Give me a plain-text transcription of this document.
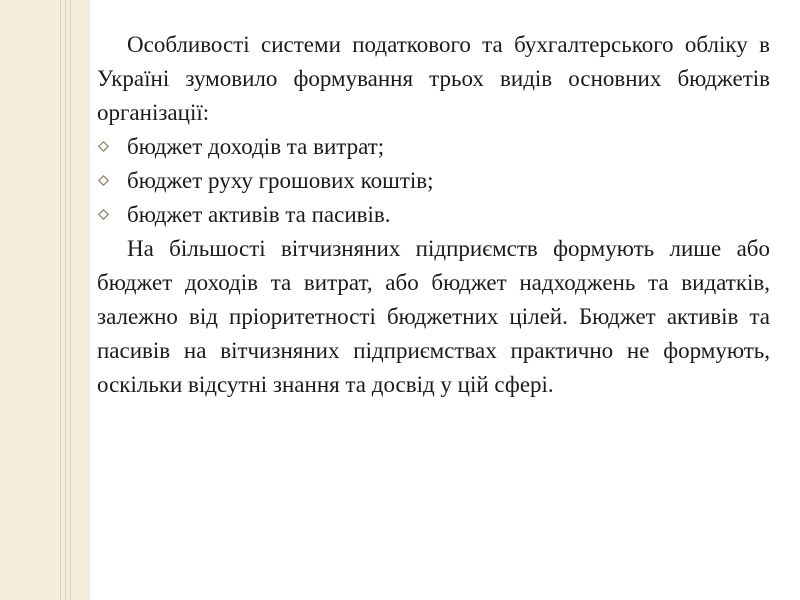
Особливості системи податкового та бухгалтерського обліку в Україні зумовило формування трьох видів основних бюджетів організації:

бюджет доходів та витрат;
бюджет руху грошових коштів;
бюджет активів та пасивів.

На більшості вітчизняних підприємств формують лише або бюджет доходів та витрат, або бюджет надходжень та видатків, залежно від пріоритетності бюджетних цілей. Бюджет активів та пасивів на вітчизняних підприємствах практично не формують, оскільки відсутні знання та досвід у цій сфері.
